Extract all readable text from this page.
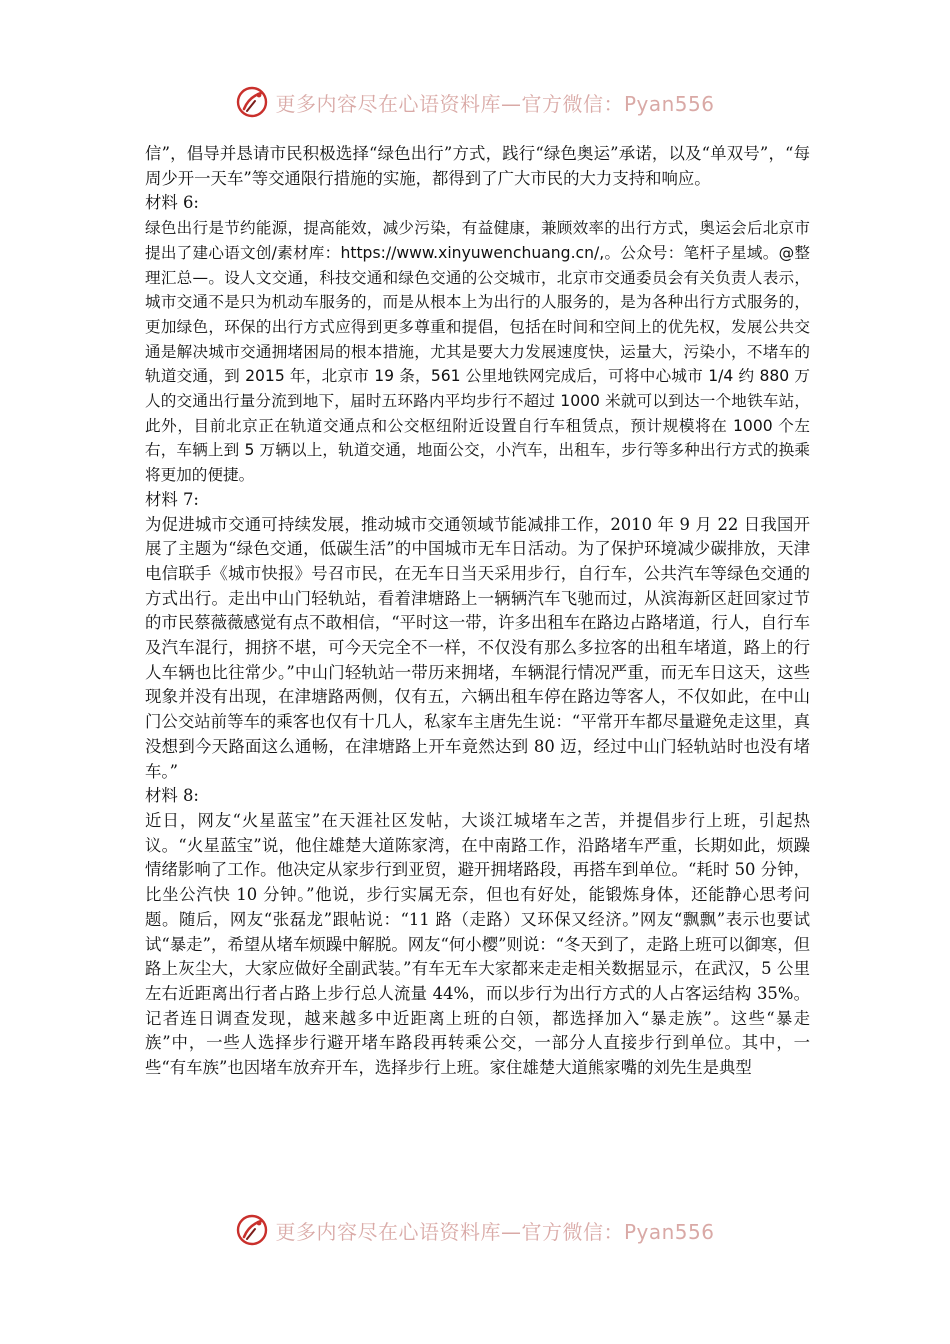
更多内容尽在心语资料库—官方微信：Pyan556

信”，倡导并恳请市民积极选择“绿色出行”方式，践行“绿色奥运”承诺，以及“单双号”，“每周少开一天车”等交通限行措施的实施，都得到了广大市民的大力支持和响应。

材料 6:

绿色出行是节约能源，提高能效，减少污染，有益健康，兼顾效率的出行方式，奥运会后北京市提出了建心语文创/素材库：https://www.xinyuwenchuang.cn/,。公众号：笔杆子星域。@整理汇总—。设人文交通，科技交通和绿色交通的公交城市，北京市交通委员会有关负责人表示，城市交通不是只为机动车服务的，而是从根本上为出行的人服务的，是为各种出行方式服务的，更加绿色，环保的出行方式应得到更多尊重和提倡，包括在时间和空间上的优先权，发展公共交通是解决城市交通拥堵困局的根本措施，尤其是要大力发展速度快，运量大，污染小，不堵车的轨道交通，到 2015 年，北京市 19 条，561 公里地铁网完成后，可将中心城市 1/4 约 880 万人的交通出行量分流到地下，届时五环路内平均步行不超过 1000 米就可以到达一个地铁车站，此外，目前北京正在轨道交通点和公交枢纽附近设置自行车租赁点，预计规模将在 1000 个左右，车辆上到 5 万辆以上，轨道交通，地面公交，小汽车，出租车，步行等多种出行方式的换乘将更加的便捷。

材料 7:

为促进城市交通可持续发展，推动城市交通领域节能减排工作，2010 年 9 月 22 日我国开展了主题为“绿色交通，低碳生活”的中国城市无车日活动。为了保护环境减少碳排放，天津电信联手《城市快报》号召市民，在无车日当天采用步行，自行车，公共汽车等绿色交通的方式出行。走出中山门轻轨站，看着津塘路上一辆辆汽车飞驰而过，从滨海新区赶回家过节的市民蔡薇薇感觉有点不敢相信，“平时这一带，许多出租车在路边占路堵道，行人，自行车及汽车混行，拥挤不堪，可今天完全不一样，不仅没有那么多拉客的出租车堵道，路上的行人车辆也比往常少。”中山门轻轨站一带历来拥堵，车辆混行情况严重，而无车日这天，这些现象并没有出现，在津塘路两侧，仅有五，六辆出租车停在路边等客人，不仅如此，在中山门公交站前等车的乘客也仅有十几人，私家车主唐先生说：“平常开车都尽量避免走这里，真没想到今天路面这么通畅，在津塘路上开车竟然达到 80 迈，经过中山门轻轨站时也没有堵车。”

材料 8:

近日，网友“火星蓝宝”在天涯社区发帖，大谈江城堵车之苦，并提倡步行上班，引起热议。“火星蓝宝”说，他住雄楚大道陈家湾，在中南路工作，沿路堵车严重，长期如此，烦躁情绪影响了工作。他决定从家步行到亚贸，避开拥堵路段，再搭车到单位。“耗时 50 分钟，比坐公汽快 10 分钟。”他说，步行实属无奈，但也有好处，能锻炼身体，还能静心思考问题。随后，网友“张磊龙”跟帖说：“11 路（走路）又环保又经济。”网友“飘飘”表示也要试试“暴走”，希望从堵车烦躁中解脱。网友“何小樱”则说：“冬天到了，走路上班可以御寒，但路上灰尘大，大家应做好全副武装。”有车无车大家都来走走相关数据显示，在武汉，5 公里左右近距离出行者占路上步行总人流量 44%，而以步行为出行方式的人占客运结构 35%。记者连日调查发现，越来越多中近距离上班的白领，都选择加入“暴走族”。这些“暴走族”中，一些人选择步行避开堵车路段再转乘公交，一部分人直接步行到单位。其中，一些“有车族”也因堵车放弃开车，选择步行上班。家住雄楚大道熊家嘴的刘先生是典型

更多内容尽在心语资料库—官方微信：Pyan556
